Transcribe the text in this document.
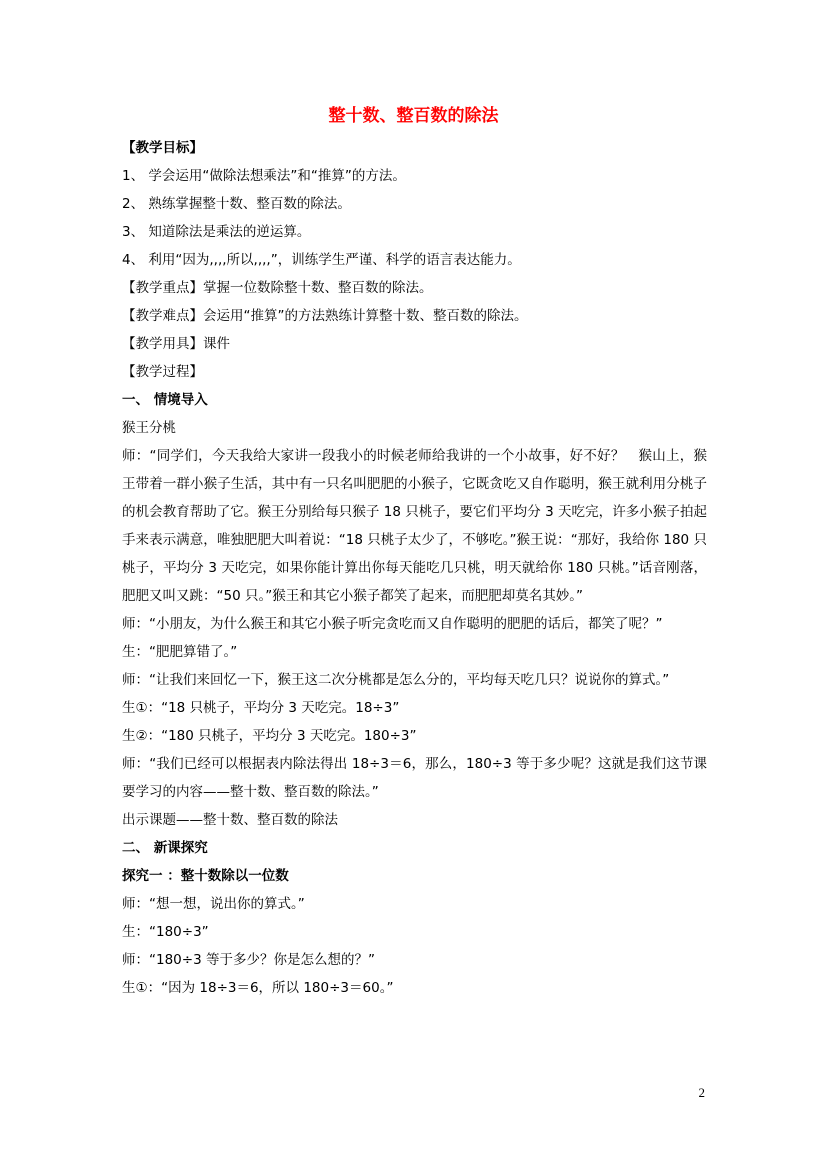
整十数、整百数的除法

【教学目标】

1、 学会运用“做除法想乘法”和“推算”的方法。

2、 熟练掌握整十数、整百数的除法。

3、 知道除法是乘法的逆运算。

4、 利用“因为,,,,所以,,,,”，训练学生严谨、科学的语言表达能力。

【教学重点】掌握一位数除整十数、整百数的除法。

【教学难点】会运用“推算”的方法熟练计算整十数、整百数的除法。

【教学用具】课件

【教学过程】

一、 情境导入

猴王分桃

师：“同学们，今天我给大家讲一段我小的时候老师给我讲的一个小故事，好不好？　猴山上，猴王带着一群小猴子生活，其中有一只名叫肥肥的小猴子，它既贪吃又自作聪明，猴王就利用分桃子的机会教育帮助了它。猴王分别给每只猴子 18 只桃子，要它们平均分 3 天吃完，许多小猴子拍起手来表示满意，唯独肥肥大叫着说：“18 只桃子太少了，不够吃。”猴王说：“那好，我给你 180 只桃子，平均分 3 天吃完，如果你能计算出你每天能吃几只桃，明天就给你 180 只桃。”话音刚落，肥肥又叫又跳：“50 只。”猴王和其它小猴子都笑了起来，而肥肥却莫名其妙。”

师：“小朋友，为什么猴王和其它小猴子听完贪吃而又自作聪明的肥肥的话后，都笑了呢？”

生：“肥肥算错了。”

师：“让我们来回忆一下，猴王这二次分桃都是怎么分的，平均每天吃几只？说说你的算式。”

生①：“18 只桃子，平均分 3 天吃完。18÷3”

生②：“180 只桃子，平均分 3 天吃完。180÷3”

师：“我们已经可以根据表内除法得出 18÷3＝6，那么，180÷3 等于多少呢？这就是我们这节课要学习的内容——整十数、整百数的除法。”

出示课题——整十数、整百数的除法

二、 新课探究

探究一 ：整十数除以一位数

师：“想一想，说出你的算式。”

生：“180÷3”

师：“180÷3 等于多少？你是怎么想的？”

生①：“因为 18÷3＝6，所以 180÷3＝60。”

2
